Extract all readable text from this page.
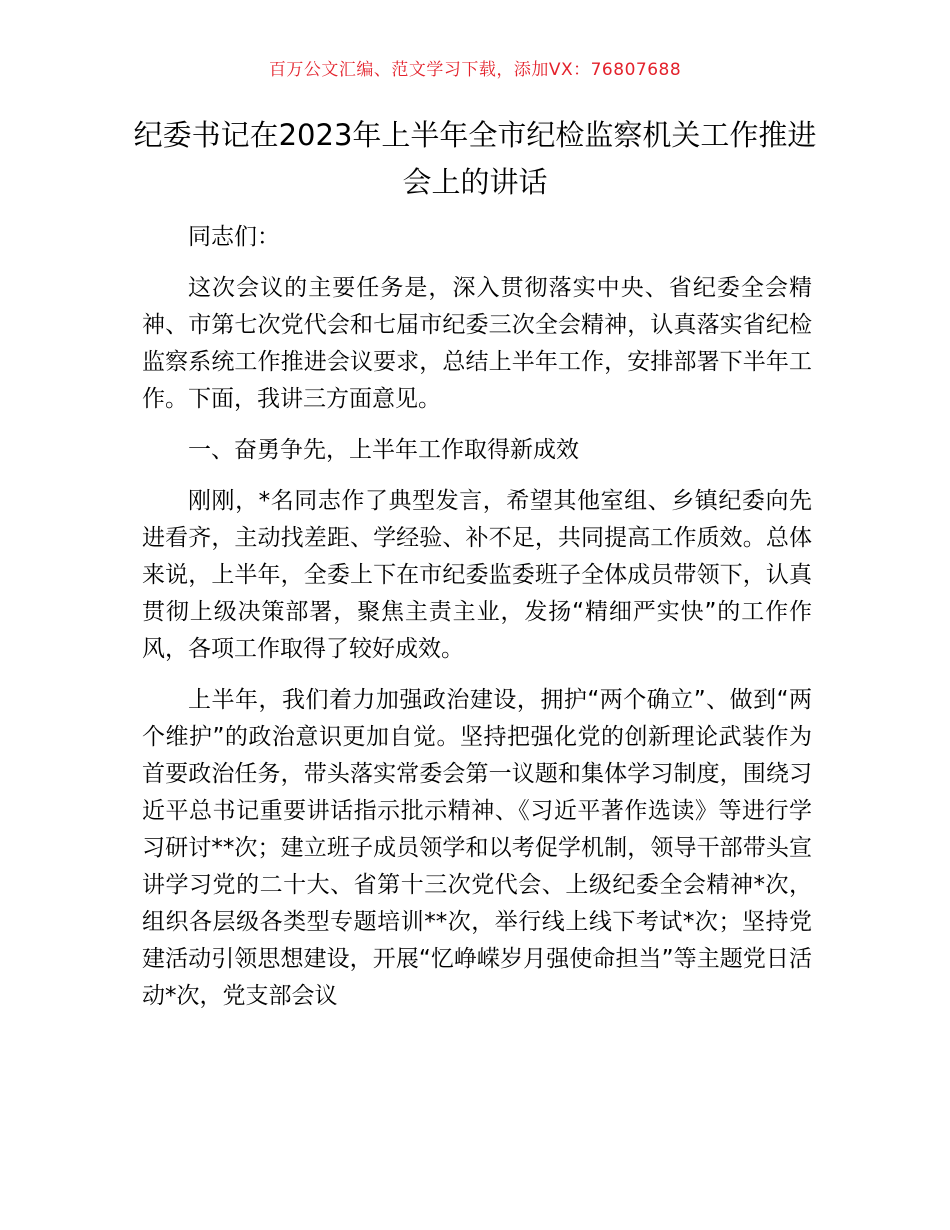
百万公文汇编、范文学习下载，添加VX：76807688
纪委书记在2023年上半年全市纪检监察机关工作推进会上的讲话

同志们：

这次会议的主要任务是，深入贯彻落实中央、省纪委全会精神、市第七次党代会和七届市纪委三次全会精神，认真落实省纪检监察系统工作推进会议要求，总结上半年工作，安排部署下半年工作。下面，我讲三方面意见。

一、奋勇争先，上半年工作取得新成效

刚刚，*名同志作了典型发言，希望其他室组、乡镇纪委向先进看齐，主动找差距、学经验、补不足，共同提高工作质效。总体来说，上半年，全委上下在市纪委监委班子全体成员带领下，认真贯彻上级决策部署，聚焦主责主业，发扬“精细严实快”的工作作风，各项工作取得了较好成效。

上半年，我们着力加强政治建设，拥护“两个确立”、做到“两个维护”的政治意识更加自觉。坚持把强化党的创新理论武装作为首要政治任务，带头落实常委会第一议题和集体学习制度，围绕习近平总书记重要讲话指示批示精神、《习近平著作选读》等进行学习研讨**次；建立班子成员领学和以考促学机制，领导干部带头宣讲学习党的二十大、省第十三次党代会、上级纪委全会精神*次，组织各层级各类型专题培训**次，举行线上线下考试*次；坚持党建活动引领思想建设，开展“忆峥嵘岁月强使命担当”等主题党日活动*次，党支部会议
